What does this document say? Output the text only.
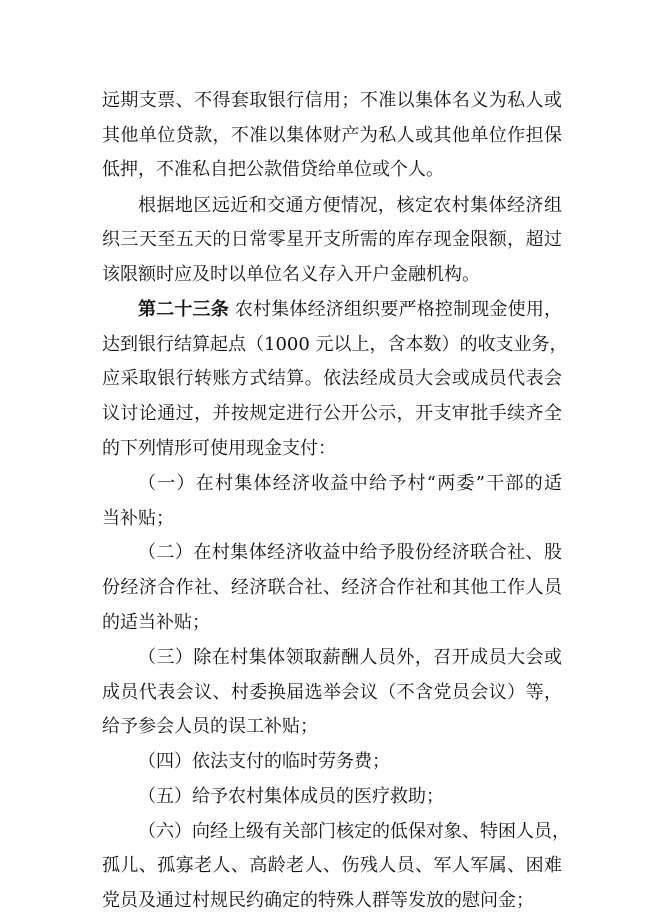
远期支票、不得套取银行信用；不准以集体名义为私人或
其他单位贷款，不准以集体财产为私人或其他单位作担保
低押，不准私自把公款借贷给单位或个人。
根据地区远近和交通方便情况，核定农村集体经济组
织三天至五天的日常零星开支所需的库存现金限额，超过
该限额时应及时以单位名义存入开户金融机构。
第二十三条 农村集体经济组织要严格控制现金使用，
达到银行结算起点（1000 元以上，含本数）的收支业务，
应采取银行转账方式结算。依法经成员大会或成员代表会
议讨论通过，并按规定进行公开公示，开支审批手续齐全
的下列情形可使用现金支付：
（一）在村集体经济收益中给予村“两委”干部的适
当补贴；
（二）在村集体经济收益中给予股份经济联合社、股
份经济合作社、经济联合社、经济合作社和其他工作人员
的适当补贴；
（三）除在村集体领取薪酬人员外，召开成员大会或
成员代表会议、村委换届选举会议（不含党员会议）等，
给予参会人员的误工补贴；
（四）依法支付的临时劳务费；
（五）给予农村集体成员的医疗救助；
（六）向经上级有关部门核定的低保对象、特困人员，
孤儿、孤寡老人、高龄老人、伤残人员、军人军属、困难
党员及通过村规民约确定的特殊人群等发放的慰问金；
